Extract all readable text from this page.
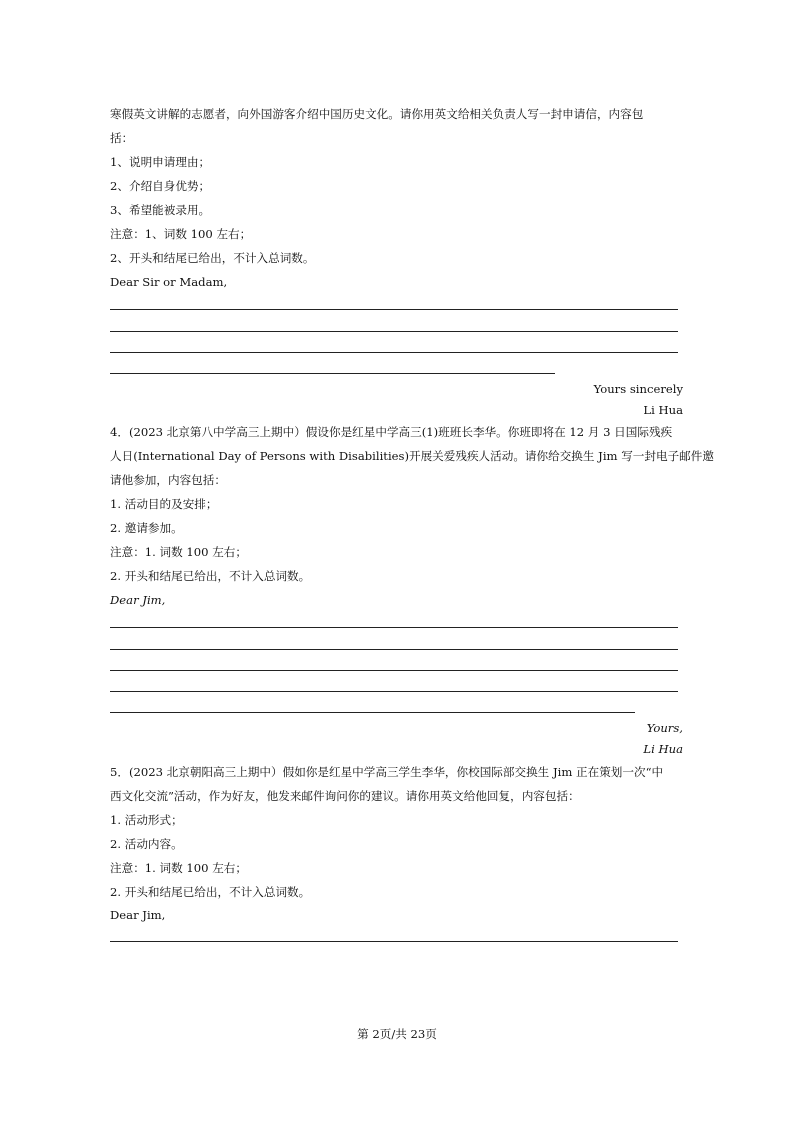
寒假英文讲解的志愿者，向外国游客介绍中国历史文化。请你用英文给相关负责人写一封申请信，内容包
括：
1、说明申请理由；
2、介绍自身优势；
3、希望能被录用。
注意：1、词数 100 左右；
2、开头和结尾已给出，不计入总词数。
Dear Sir or Madam,
Yours sincerely
Li Hua
4．(2023 北京第八中学高三上期中）假设你是红星中学高三(1)班班长李华。你班即将在 12 月 3 日国际残疾
人日(International Day of Persons with Disabilities)开展关爱残疾人活动。请你给交换生 Jim 写一封电子邮件邀
请他参加，内容包括：
1. 活动目的及安排；
2. 邀请参加。
注意：1. 词数 100 左右；
2. 开头和结尾已给出，不计入总词数。
Dear Jim,
Yours,
Li Hua
5．(2023 北京朝阳高三上期中）假如你是红星中学高三学生李华，你校国际部交换生 Jim 正在策划一次“中
西文化交流”活动，作为好友，他发来邮件询问你的建议。请你用英文给他回复，内容包括：
1. 活动形式；
2. 活动内容。
注意：1. 词数 100 左右；
2. 开头和结尾已给出，不计入总词数。
Dear Jim,
第 2页/共 23页
